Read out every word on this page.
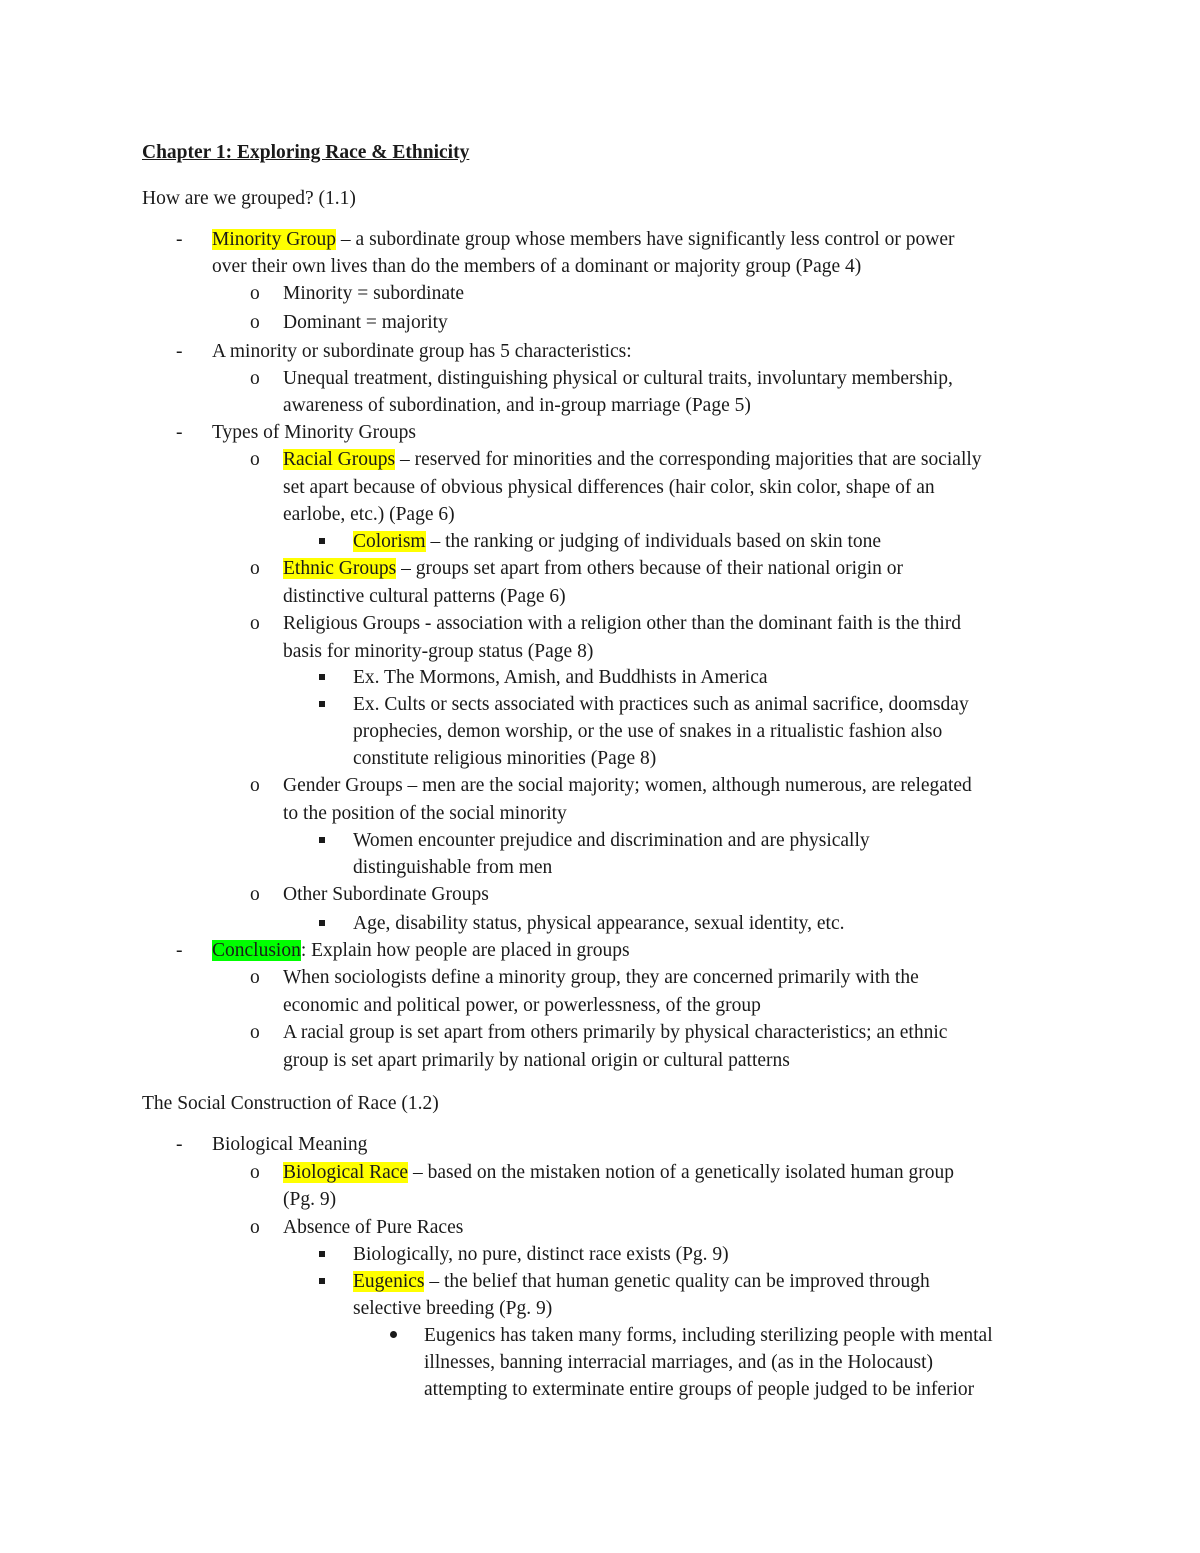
Chapter 1: Exploring Race & Ethnicity
How are we grouped? (1.1)
The Social Construction of Race (1.2)
- Minority Group – a subordinate group whose members have significantly less control or power
over their own lives than do the members of a dominant or majority group (Page 4)
o Minority = subordinate
o Dominant = majority
- A minority or subordinate group has 5 characteristics:
o Unequal treatment, distinguishing physical or cultural traits, involuntary membership,
awareness of subordination, and in-group marriage (Page 5)
- Types of Minority Groups
o Racial Groups – reserved for minorities and the corresponding majorities that are socially
set apart because of obvious physical differences (hair color, skin color, shape of an
earlobe, etc.) (Page 6)
Colorism – the ranking or judging of individuals based on skin tone
o Ethnic Groups – groups set apart from others because of their national origin or
distinctive cultural patterns (Page 6)
o Religious Groups - association with a religion other than the dominant faith is the third
basis for minority-group status (Page 8)
Ex. The Mormons, Amish, and Buddhists in America
Ex. Cults or sects associated with practices such as animal sacrifice, doomsday
prophecies, demon worship, or the use of snakes in a ritualistic fashion also
constitute religious minorities (Page 8)
o Gender Groups – men are the social majority; women, although numerous, are relegated
to the position of the social minority
Women encounter prejudice and discrimination and are physically
distinguishable from men
o Other Subordinate Groups
Age, disability status, physical appearance, sexual identity, etc.
- Conclusion: Explain how people are placed in groups
o When sociologists define a minority group, they are concerned primarily with the
economic and political power, or powerlessness, of the group
o A racial group is set apart from others primarily by physical characteristics; an ethnic
group is set apart primarily by national origin or cultural patterns
- Biological Meaning
o Biological Race – based on the mistaken notion of a genetically isolated human group
(Pg. 9)
o Absence of Pure Races
Biologically, no pure, distinct race exists (Pg. 9)
Eugenics – the belief that human genetic quality can be improved through
selective breeding (Pg. 9)
Eugenics has taken many forms, including sterilizing people with mental
illnesses, banning interracial marriages, and (as in the Holocaust)
attempting to exterminate entire groups of people judged to be inferior
